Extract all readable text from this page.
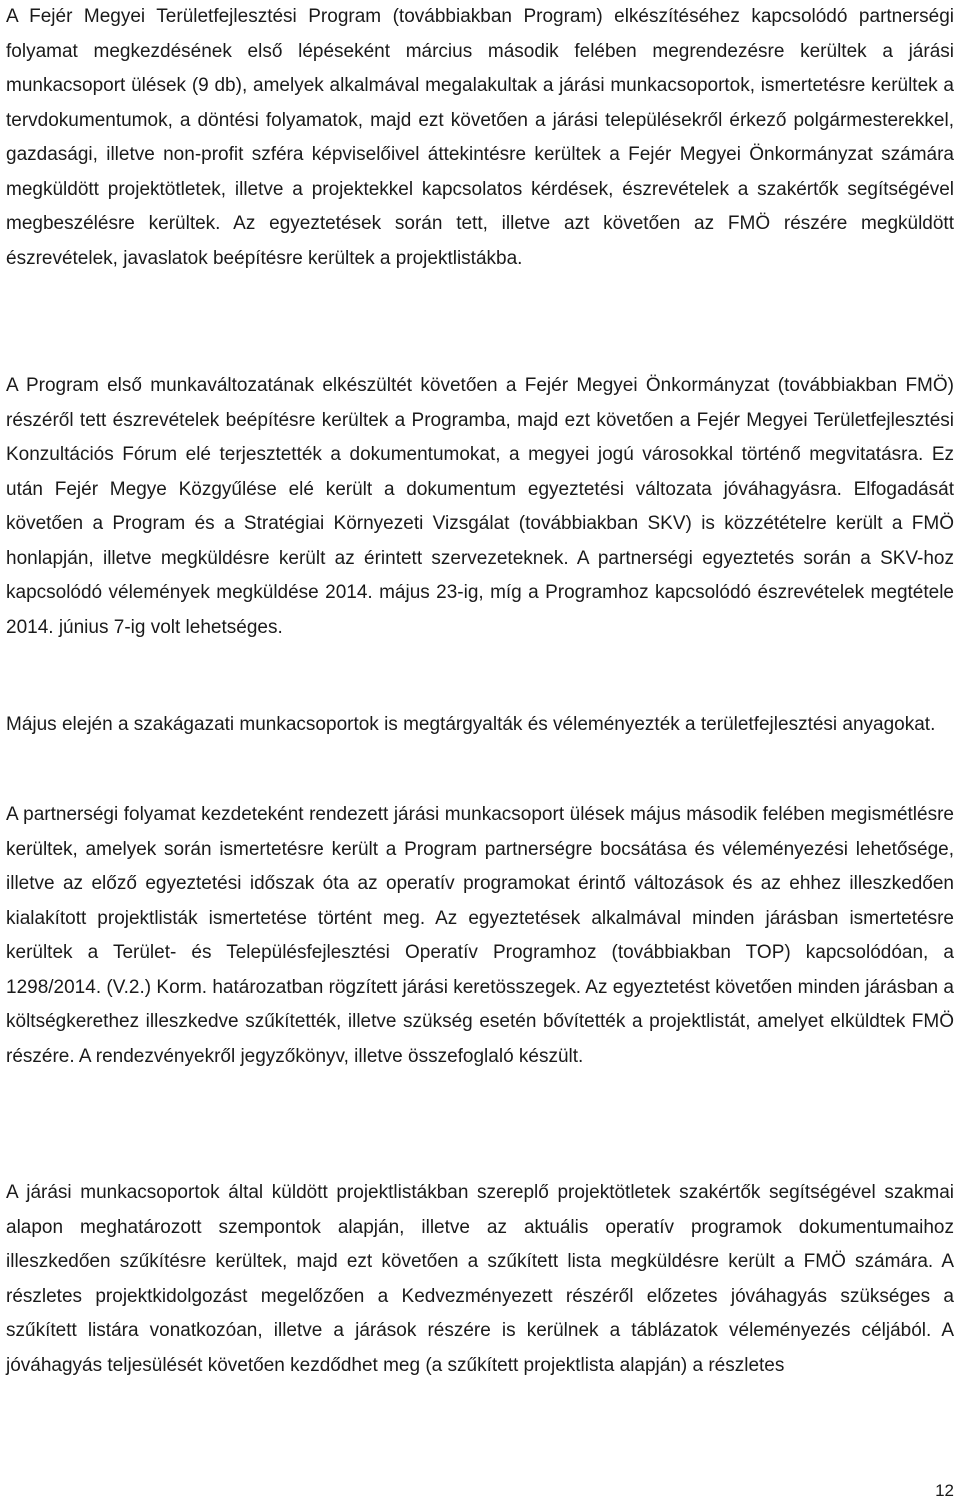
A Fejér Megyei Területfejlesztési Program (továbbiakban Program) elkészítéséhez kapcsolódó partnerségi folyamat megkezdésének első lépéseként március második felében megrendezésre kerültek a járási munkacsoport ülések (9 db), amelyek alkalmával megalakultak a járási munkacsoportok, ismertetésre kerültek a tervdokumentumok, a döntési folyamatok, majd ezt követően a járási településekről érkező polgármesterekkel, gazdasági, illetve non-profit szféra képviselőivel áttekintésre kerültek a Fejér Megyei Önkormányzat számára megküldött projektötletek, illetve a projektekkel kapcsolatos kérdések, észrevételek a szakértők segítségével megbeszélésre kerültek. Az egyeztetések során tett, illetve azt követően az FMÖ részére megküldött észrevételek, javaslatok beépítésre kerültek a projektlistákba.

A Program első munkaváltozatának elkészültét követően a Fejér Megyei Önkormányzat (továbbiakban FMÖ) részéről tett észrevételek beépítésre kerültek a Programba, majd ezt követően a Fejér Megyei Területfejlesztési Konzultációs Fórum elé terjesztették a dokumentumokat, a megyei jogú városokkal történő megvitatásra. Ez után Fejér Megye Közgyűlése elé került a dokumentum egyeztetési változata jóváhagyásra. Elfogadását követően a Program és a Stratégiai Környezeti Vizsgálat (továbbiakban SKV) is közzétételre került a FMÖ honlapján, illetve megküldésre került az érintett szervezeteknek. A partnerségi egyeztetés során a SKV-hoz kapcsolódó vélemények megküldése 2014. május 23-ig, míg a Programhoz kapcsolódó észrevételek megtétele 2014. június 7-ig volt lehetséges.

Május elején a szakágazati munkacsoportok is megtárgyalták és véleményezték a területfejlesztési anyagokat.

A partnerségi folyamat kezdeteként rendezett járási munkacsoport ülések május második felében megismétlésre kerültek, amelyek során ismertetésre került a Program partnerségre bocsátása és véleményezési lehetősége, illetve az előző egyeztetési időszak óta az operatív programokat érintő változások és az ehhez illeszkedően kialakított projektlisták ismertetése történt meg. Az egyeztetések alkalmával minden járásban ismertetésre kerültek a Terület- és Településfejlesztési Operatív Programhoz (továbbiakban TOP) kapcsolódóan, a 1298/2014. (V.2.) Korm. határozatban rögzített járási keretösszegek. Az egyeztetést követően minden járásban a költségkerethez illeszkedve szűkítették, illetve szükség esetén bővítették a projektlistát, amelyet elküldtek FMÖ részére. A rendezvényekről jegyzőkönyv, illetve összefoglaló készült.

A járási munkacsoportok által küldött projektlistákban szereplő projektötletek szakértők segítségével szakmai alapon meghatározott szempontok alapján, illetve az aktuális operatív programok dokumentumaihoz illeszkedően szűkítésre kerültek, majd ezt követően a szűkített lista megküldésre került a FMÖ számára. A részletes projektkidolgozást megelőzően a Kedvezményezett részéről előzetes jóváhagyás szükséges a szűkített listára vonatkozóan, illetve a járások részére is kerülnek a táblázatok véleményezés céljából. A jóváhagyás teljesülését követően kezdődhet meg (a szűkített projektlista alapján) a részletes

12
